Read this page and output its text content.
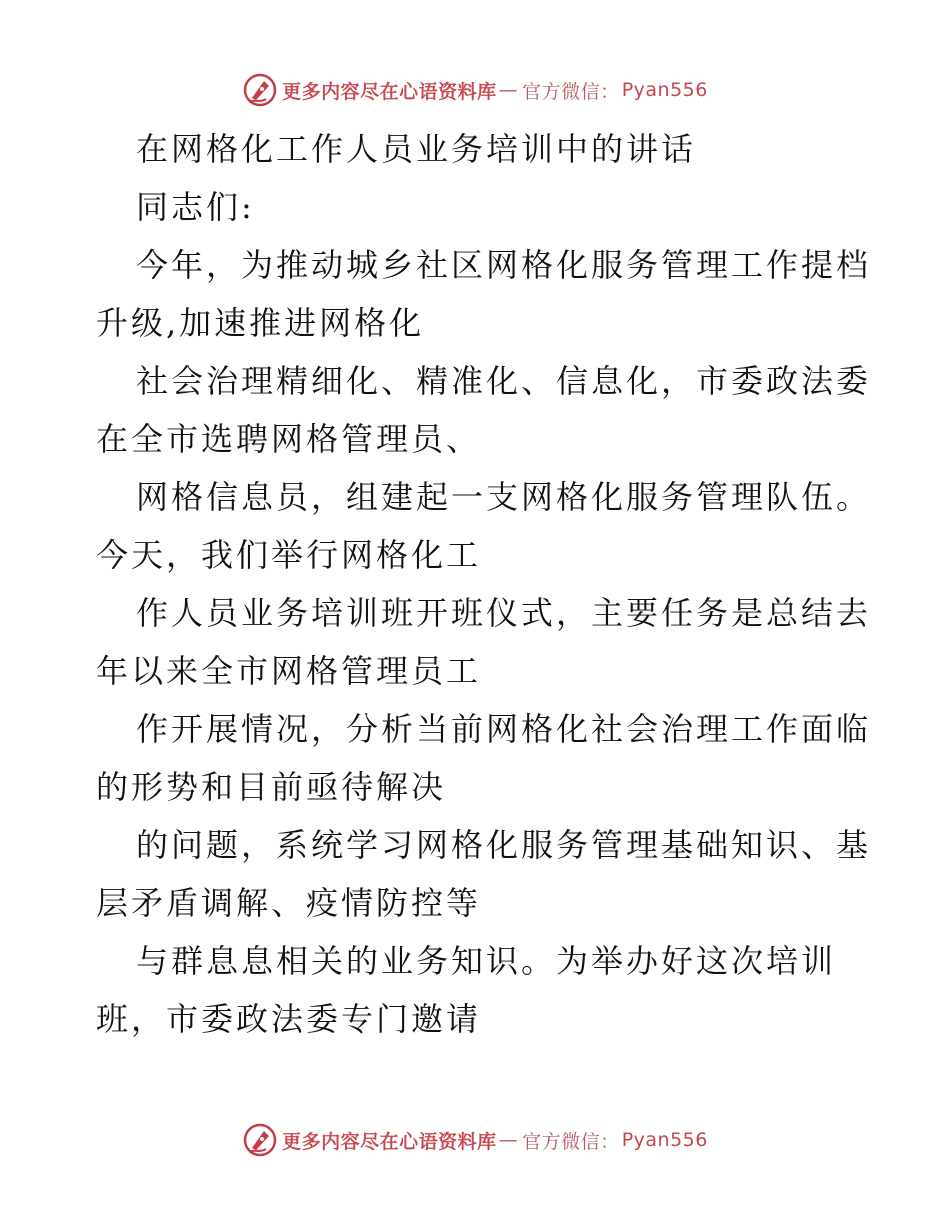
更多内容尽在心语资料库 — 官方微信： Pyan556
在网格化工作人员业务培训中的讲话
同志们:
今年，为推动城乡社区网格化服务管理工作提档
升级,加速推进网格化
社会治理精细化、精准化、信息化，市委政法委
在全市选聘网格管理员、
网格信息员，组建起一支网格化服务管理队伍。
今天，我们举行网格化工
作人员业务培训班开班仪式，主要任务是总结去
年以来全市网格管理员工
作开展情况，分析当前网格化社会治理工作面临
的形势和目前亟待解决
的问题，系统学习网格化服务管理基础知识、基
层矛盾调解、疫情防控等
与群息息相关的业务知识。为举办好这次培训
班，市委政法委专门邀请
更多内容尽在心语资料库 — 官方微信： Pyan556
